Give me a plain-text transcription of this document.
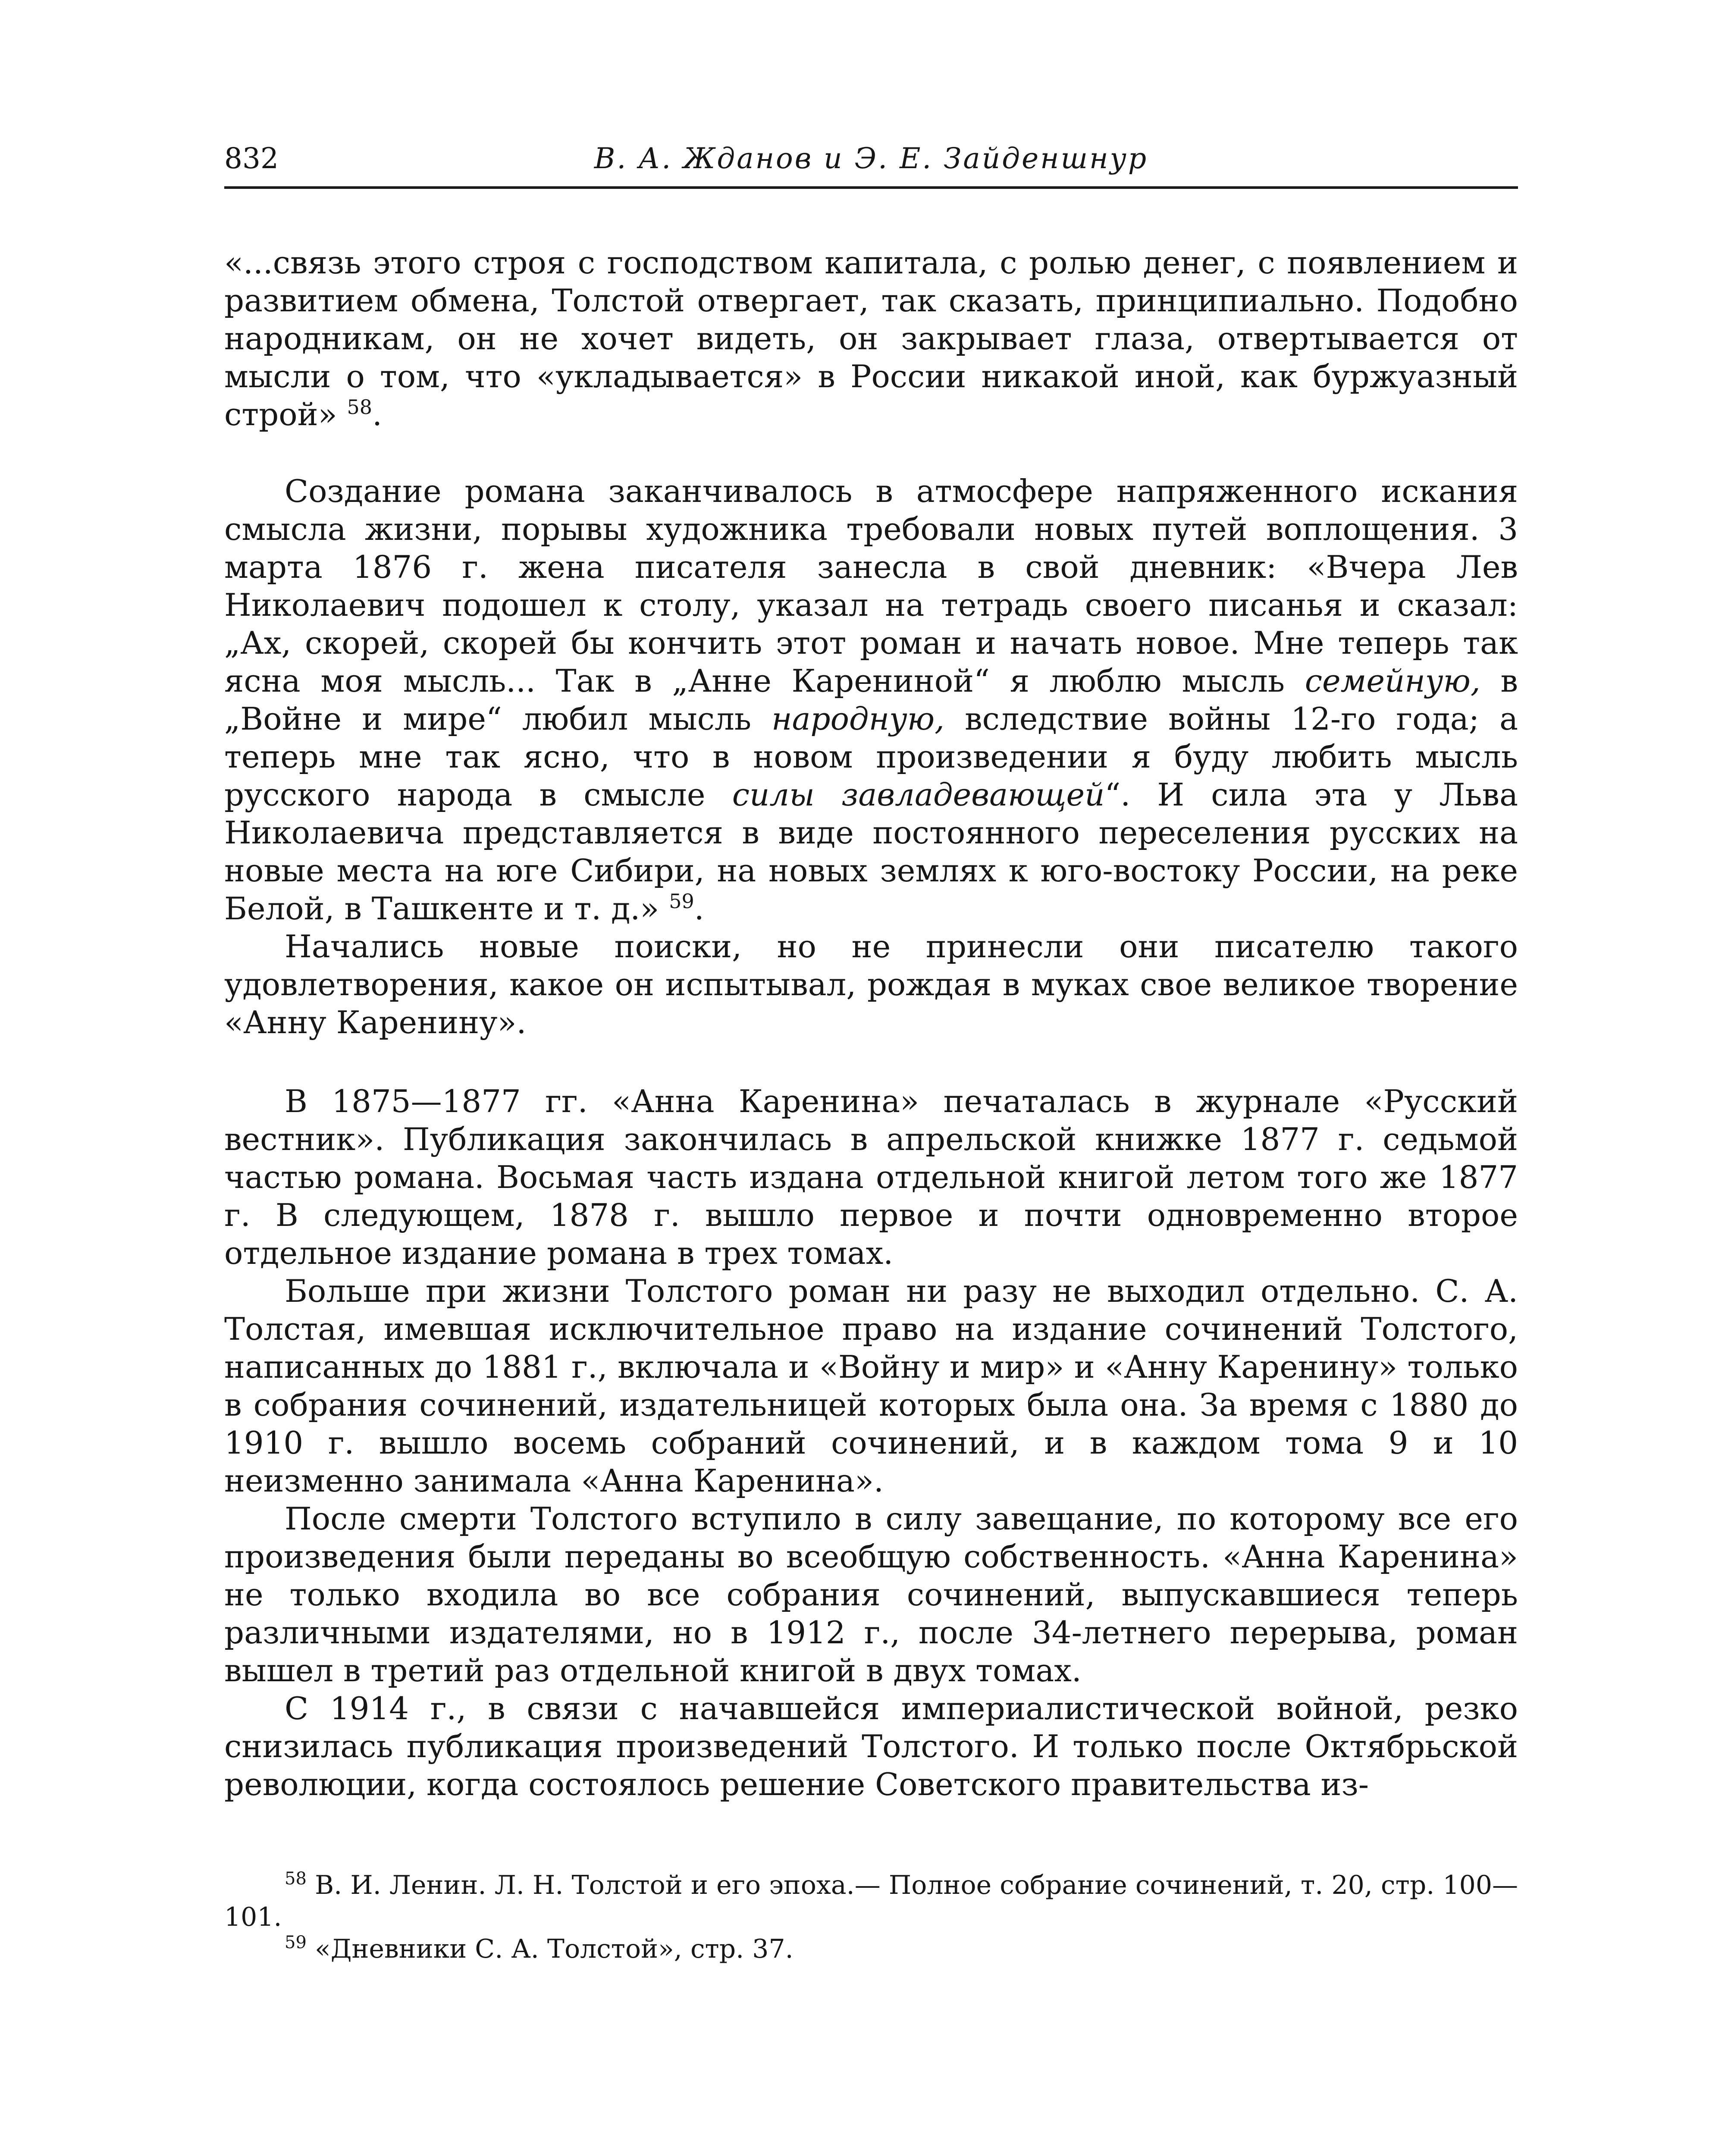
832	В. А. Жданов и Э. Е. Зайденшнур

«...связь этого строя с господством капитала, с ролью денег, с появлением и развитием обмена, Толстой отвергает, так сказать, принципиально. Подобно народникам, он не хочет видеть, он закрывает глаза, отвертывается от мысли о том, что «укладывается» в России никакой иной, как буржуазный строй» $^{58}$.

Создание романа заканчивалось в атмосфере напряженного искания смысла жизни, порывы художника требовали новых путей воплощения. 3 марта 1876 г. жена писателя занесла в свой дневник: «Вчера Лев Николаевич подошел к столу, указал на тетрадь своего писанья и сказал: „Ах, скорей, скорей бы кончить этот роман и начать новое. Мне теперь так ясна моя мысль... Так в „Анне Карениной“ я люблю мысль семейную, в „Войне и мире“ любил мысль народную, вследствие войны 12-го года; а теперь мне так ясно, что в новом произведении я буду любить мысль русского народа в смысле силы завладевающей“. И сила эта у Льва Николаевича представляется в виде постоянного переселения русских на новые места на юге Сибири, на новых землях к юго-востоку России, на реке Белой, в Ташкенте и т. д.» $^{59}$.

Начались новые поиски, но не принесли они писателю такого удовлетворения, какое он испытывал, рождая в муках свое великое творение «Анну Каренину».

В 1875—1877 гг. «Анна Каренина» печаталась в журнале «Русский вестник». Публикация закончилась в апрельской книжке 1877 г. седьмой частью романа. Восьмая часть издана отдельной книгой летом того же 1877 г. В следующем, 1878 г. вышло первое и почти одновременно второе отдельное издание романа в трех томах.

Больше при жизни Толстого роман ни разу не выходил отдельно. С. А. Толстая, имевшая исключительное право на издание сочинений Толстого, написанных до 1881 г., включала и «Войну и мир» и «Анну Каренину» только в собрания сочинений, издательницей которых была она. За время с 1880 до 1910 г. вышло восемь собраний сочинений, и в каждом тома 9 и 10 неизменно занимала «Анна Каренина».

После смерти Толстого вступило в силу завещание, по которому все его произведения были переданы во всеобщую собственность. «Анна Каренина» не только входила во все собрания сочинений, выпускавшиеся теперь различными издателями, но в 1912 г., после 34-летнего перерыва, роман вышел в третий раз отдельной книгой в двух томах.

С 1914 г., в связи с начавшейся империалистической войной, резко снизилась публикация произведений Толстого. И только после Октябрьской революции, когда состоялось решение Советского правительства из-

$^{58}$ В. И. Ленин. Л. Н. Толстой и его эпоха.— Полное собрание сочинений, т. 20, стр. 100—101.

$^{59}$ «Дневники С. А. Толстой», стр. 37.
